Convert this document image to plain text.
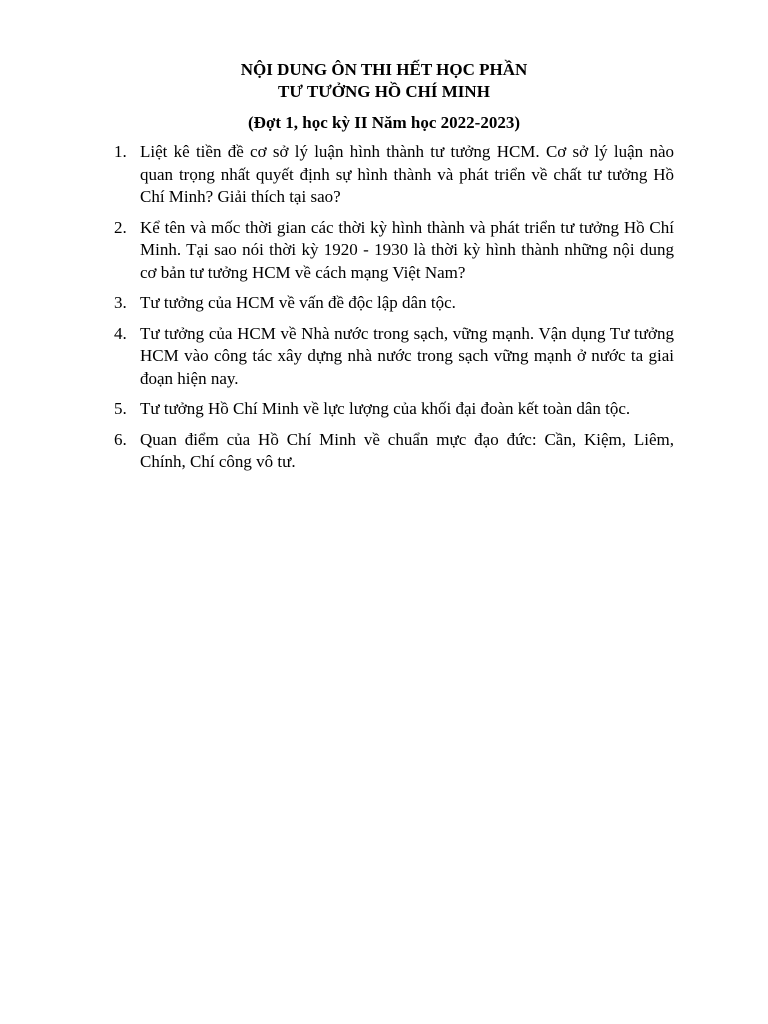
NỘI DUNG ÔN THI HẾT HỌC PHẦN
TƯ TƯỞNG HỒ CHÍ MINH
(Đợt 1, học kỳ II Năm học 2022-2023)
1. Liệt kê tiền đề cơ sở lý luận hình thành tư tưởng HCM. Cơ sở lý luận nào quan trọng nhất quyết định sự hình thành và phát triển về chất tư tưởng Hồ Chí Minh? Giải thích tại sao?
2. Kể tên và mốc thời gian các thời kỳ hình thành và phát triển tư tưởng Hồ Chí Minh. Tại sao nói thời kỳ 1920 - 1930 là thời kỳ hình thành những nội dung cơ bản tư tưởng HCM về cách mạng Việt Nam?
3. Tư tưởng của HCM về vấn đề độc lập dân tộc.
4. Tư tưởng của HCM về Nhà nước trong sạch, vững mạnh. Vận dụng Tư tưởng HCM vào công tác xây dựng nhà nước trong sạch vững mạnh ở nước ta giai đoạn hiện nay.
5. Tư tưởng Hồ Chí Minh về lực lượng của khối đại đoàn kết toàn dân tộc.
6. Quan điểm của Hồ Chí Minh về chuẩn mực đạo đức: Cần, Kiệm, Liêm, Chính, Chí công vô tư.
